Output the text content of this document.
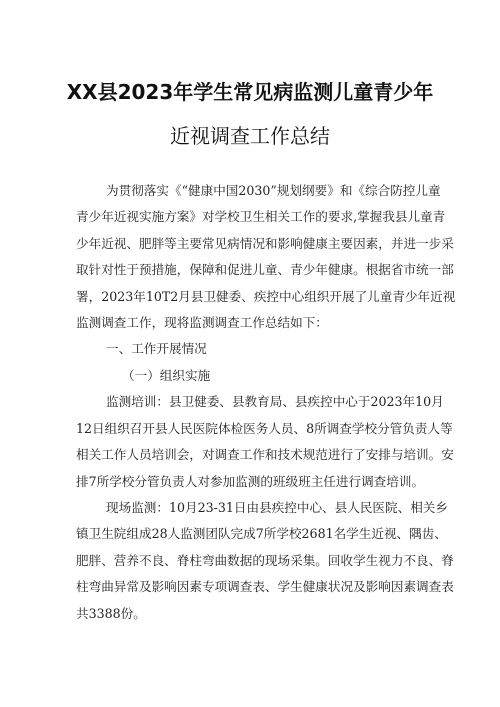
XX县2023年学生常见病监测儿童青少年
近视调查工作总结
为贯彻落实《“健康中国2030”规划纲要》和《综合防控儿童
青少年近视实施方案》对学校卫生相关工作的要求,掌握我县儿童青
少年近视、肥胖等主要常见病情况和影响健康主要因素，并进一步采
取针对性于预措施，保障和促进儿童、青少年健康。根据省市统一部
署，2023年10T2月县卫健委、疾控中心组织开展了儿童青少年近视
监测调查工作，现将监测调查工作总结如下：
一、工作开展情况
（一）组织实施
监测培训：县卫健委、县教育局、县疾控中心于2023年10月
12日组织召开县人民医院体检医务人员、8所调查学校分管负责人等
相关工作人员培训会，对调查工作和技术规范进行了安排与培训。安
排7所学校分管负责人对参加监测的班级班主任进行调查培训。
现场监测：10月23-31日由县疾控中心、县人民医院、相关乡
镇卫生院组成28人监测团队完成7所学校2681名学生近视、隅齿、
肥胖、营养不良、脊柱弯曲数据的现场采集。回收学生视力不良、脊
柱弯曲异常及影响因素专项调查表、学生健康状况及影响因素调查表
共3388份。
